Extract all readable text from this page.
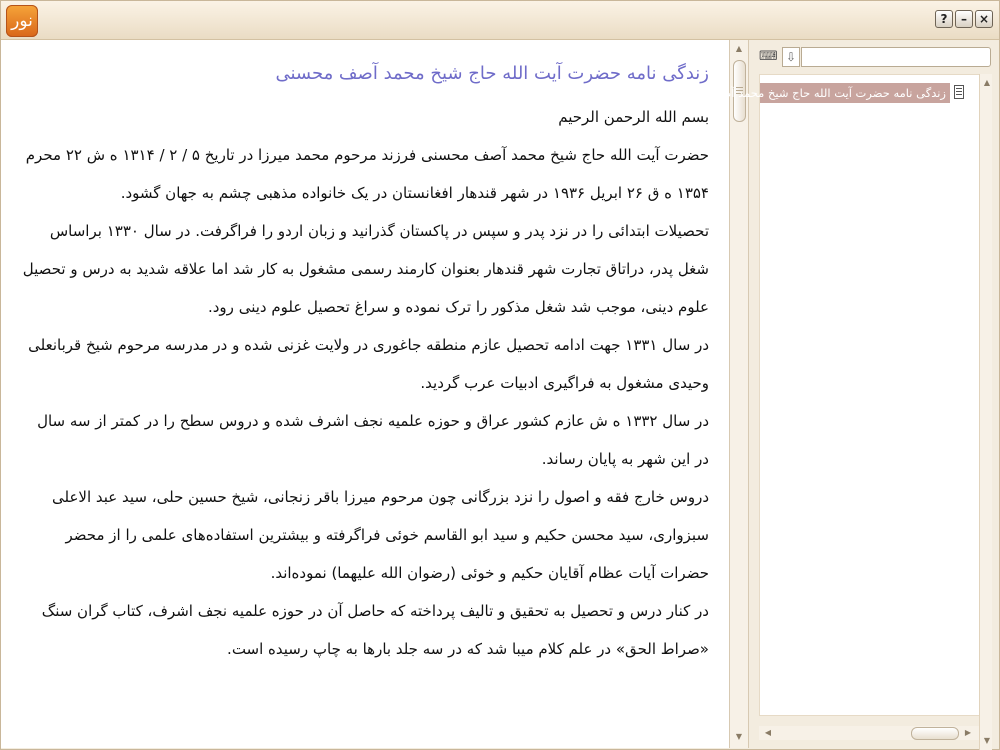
نور	?	– ×
زندگی نامه حضرت آیت الله حاج شیخ محمد آصف محسنی

بسم الله الرحمن الرحیم

حضرت آیت الله حاج شیخ محمد آصف محسنی فرزند مرحوم محمد میرزا در تاریخ ۵ / ۲ / ۱۳۱۴ ه ش ۲۲ محرم ۱۳۵۴ ه ق ۲۶ ابریل ۱۹۳۶ در شهر قندهار افغانستان در یک خانواده مذهبی چشم به جهان گشود.

تحصیلات ابتدائی را در نزد پدر و سپس در پاکستان گذرانید و زبان اردو را فراگرفت. در سال ۱۳۳۰ براساس شغل پدر، دراتاق تجارت شهر قندهار بعنوان کارمند رسمی مشغول به کار شد اما علاقه شدید به درس و تحصیل علوم دینی، موجب شد شغل مذکور را ترک نموده و سراغ تحصیل علوم دینی رود.

در سال ۱۳۳۱ جهت ادامه تحصیل عازم منطقه جاغوری در ولایت غزنی شده و در مدرسه مرحوم شیخ قربانعلی وحیدی مشغول به فراگیری ادبیات عرب گردید.

در سال ۱۳۳۲ ه ش عازم کشور عراق و حوزه علمیه نجف اشرف شده و دروس سطح را در کمتر از سه سال در این شهر به پایان رساند.

دروس خارج فقه و اصول را نزد بزرگانی چون مرحوم میرزا باقر زنجانی، شیخ حسین حلی، سید عبد الاعلی سبزواری، سید محسن حکیم و سید ابو القاسم خوئی فراگرفته و بیشترین استفاده‌های علمی را از محضر حضرات آیات عظام آقایان حکیم و خوئی (رضوان الله علیهما) نموده‌اند.

در کنار درس و تحصیل به تحقیق و تالیف پرداخته که حاصل آن در حوزه علمیه نجف اشرف، کتاب گران سنگ «صراط الحق» در علم کلام میبا شد که در سه جلد بارها به چاپ رسیده است.

▲
▼
⌨ ⇩
زندگی نامه حضرت آیت الله حاج شیخ محمد آصف محسنی
▲
▼
◀	▶
